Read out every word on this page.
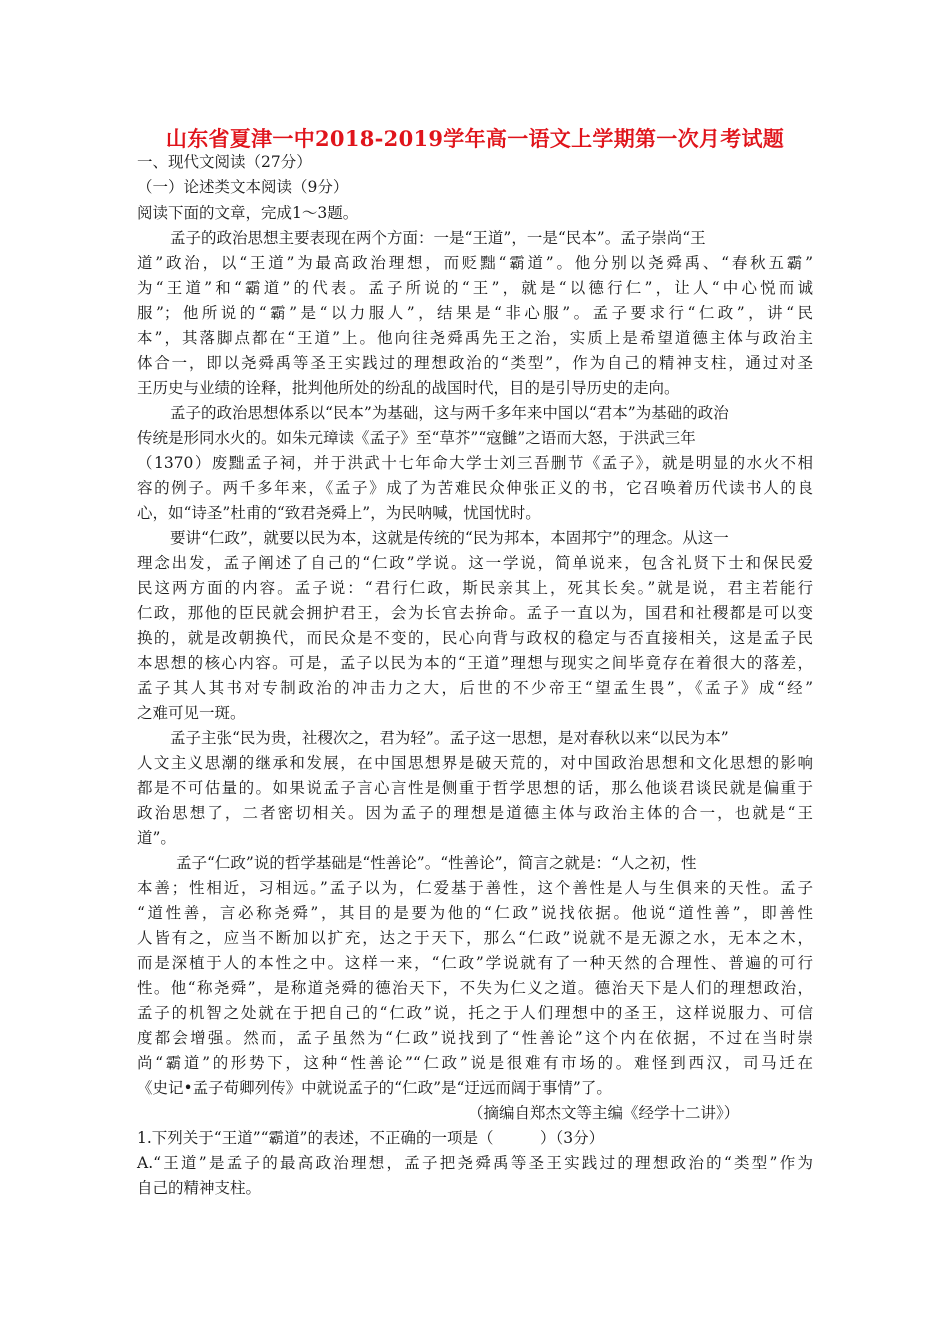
山东省夏津一中2018-2019学年高一语文上学期第一次月考试题
一、现代文阅读（27分）
（一）论述类文本阅读（9分）
阅读下面的文章，完成1～3题。
孟子的政治思想主要表现在两个方面：一是“王道”，一是“民本”。孟子崇尚“王
道”政治，以“王道”为最高政治理想，而贬黜“霸道”。他分别以尧舜禹、“春秋五霸”
为“王道”和“霸道”的代表。孟子所说的“王”，就是“以德行仁”，让人“中心悦而诚
服”；他所说的“霸”是“以力服人”，结果是“非心服”。孟子要求行“仁政”，讲“民
本”，其落脚点都在“王道”上。他向往尧舜禹先王之治，实质上是希望道德主体与政治主
体合一，即以尧舜禹等圣王实践过的理想政治的“类型”，作为自己的精神支柱，通过对圣
王历史与业绩的诠释，批判他所处的纷乱的战国时代，目的是引导历史的走向。
孟子的政治思想体系以“民本”为基础，这与两千多年来中国以“君本”为基础的政治
传统是形同水火的。如朱元璋读《孟子》至“草芥”“寇雠”之语而大怒，于洪武三年
（1370）废黜孟子祠，并于洪武十七年命大学士刘三吾删节《孟子》，就是明显的水火不相
容的例子。两千多年来，《孟子》成了为苦难民众伸张正义的书，它召唤着历代读书人的良
心，如“诗圣”杜甫的“致君尧舜上”，为民呐喊，忧国忧时。
要讲“仁政”，就要以民为本，这就是传统的“民为邦本，本固邦宁”的理念。从这一
理念出发，孟子阐述了自己的“仁政”学说。这一学说，简单说来，包含礼贤下士和保民爱
民这两方面的内容。孟子说：“君行仁政，斯民亲其上，死其长矣。”就是说，君主若能行
仁政，那他的臣民就会拥护君王，会为长官去拚命。孟子一直以为，国君和社稷都是可以变
换的，就是改朝换代，而民众是不变的，民心向背与政权的稳定与否直接相关，这是孟子民
本思想的核心内容。可是，孟子以民为本的“王道”理想与现实之间毕竟存在着很大的落差，
孟子其人其书对专制政治的冲击力之大，后世的不少帝王“望孟生畏”，《孟子》成“经”
之难可见一斑。
孟子主张“民为贵，社稷次之，君为轻”。孟子这一思想，是对春秋以来“以民为本”
人文主义思潮的继承和发展，在中国思想界是破天荒的，对中国政治思想和文化思想的影响
都是不可估量的。如果说孟子言心言性是侧重于哲学思想的话，那么他谈君谈民就是偏重于
政治思想了，二者密切相关。因为孟子的理想是道德主体与政治主体的合一，也就是“王
道”。
孟子“仁政”说的哲学基础是“性善论”。“性善论”，简言之就是：“人之初，性
本善；性相近，习相远。”孟子以为，仁爱基于善性，这个善性是人与生俱来的天性。孟子
“道性善，言必称尧舜”，其目的是要为他的“仁政”说找依据。他说“道性善”，即善性
人皆有之，应当不断加以扩充，达之于天下，那么“仁政”说就不是无源之水，无本之木，
而是深植于人的本性之中。这样一来，“仁政”学说就有了一种天然的合理性、普遍的可行
性。他“称尧舜”，是称道尧舜的德治天下，不失为仁义之道。德治天下是人们的理想政治，
孟子的机智之处就在于把自己的“仁政”说，托之于人们理想中的圣王，这样说服力、可信
度都会增强。然而，孟子虽然为“仁政”说找到了“性善论”这个内在依据，不过在当时崇
尚“霸道”的形势下，这种“性善论”“仁政”说是很难有市场的。难怪到西汉，司马迁在
《史记•孟子荀卿列传》中就说孟子的“仁政”是“迂远而阔于事情”了。
（摘编自郑杰文等主编《经学十二讲》）
1.下列关于“王道”“霸道”的表述，不正确的一项是（　　　）（3分）
A.“王道”是孟子的最高政治理想，孟子把尧舜禹等圣王实践过的理想政治的“类型”作为
自己的精神支柱。
